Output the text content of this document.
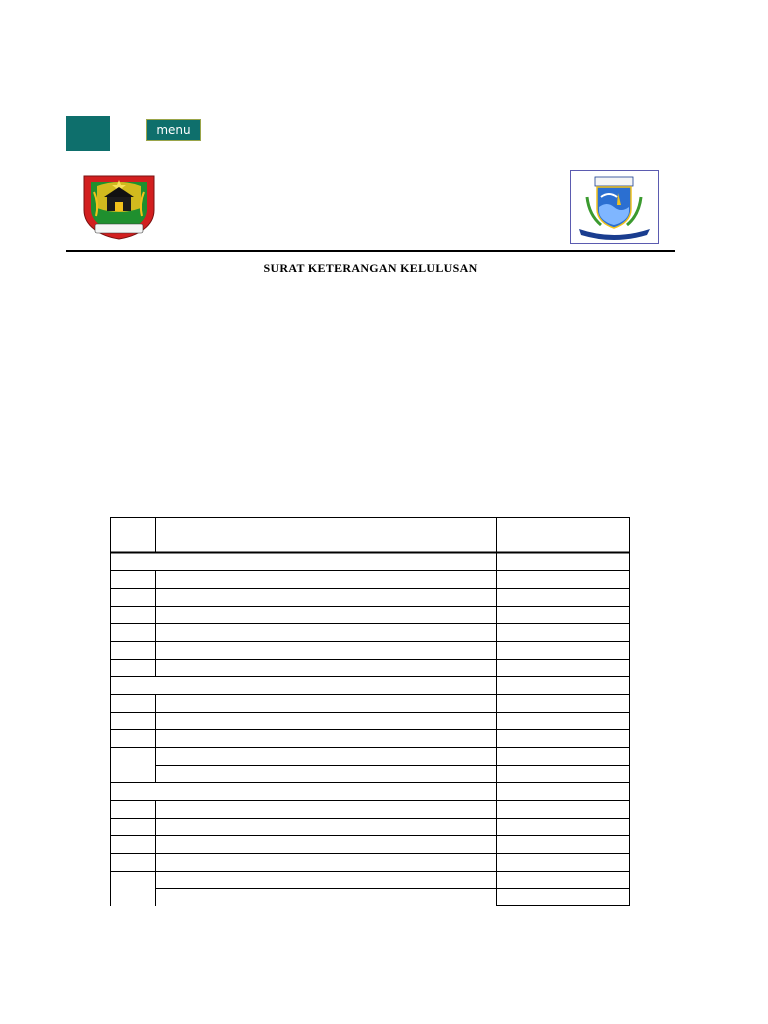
menu
SURAT KETERANGAN KELULUSAN
